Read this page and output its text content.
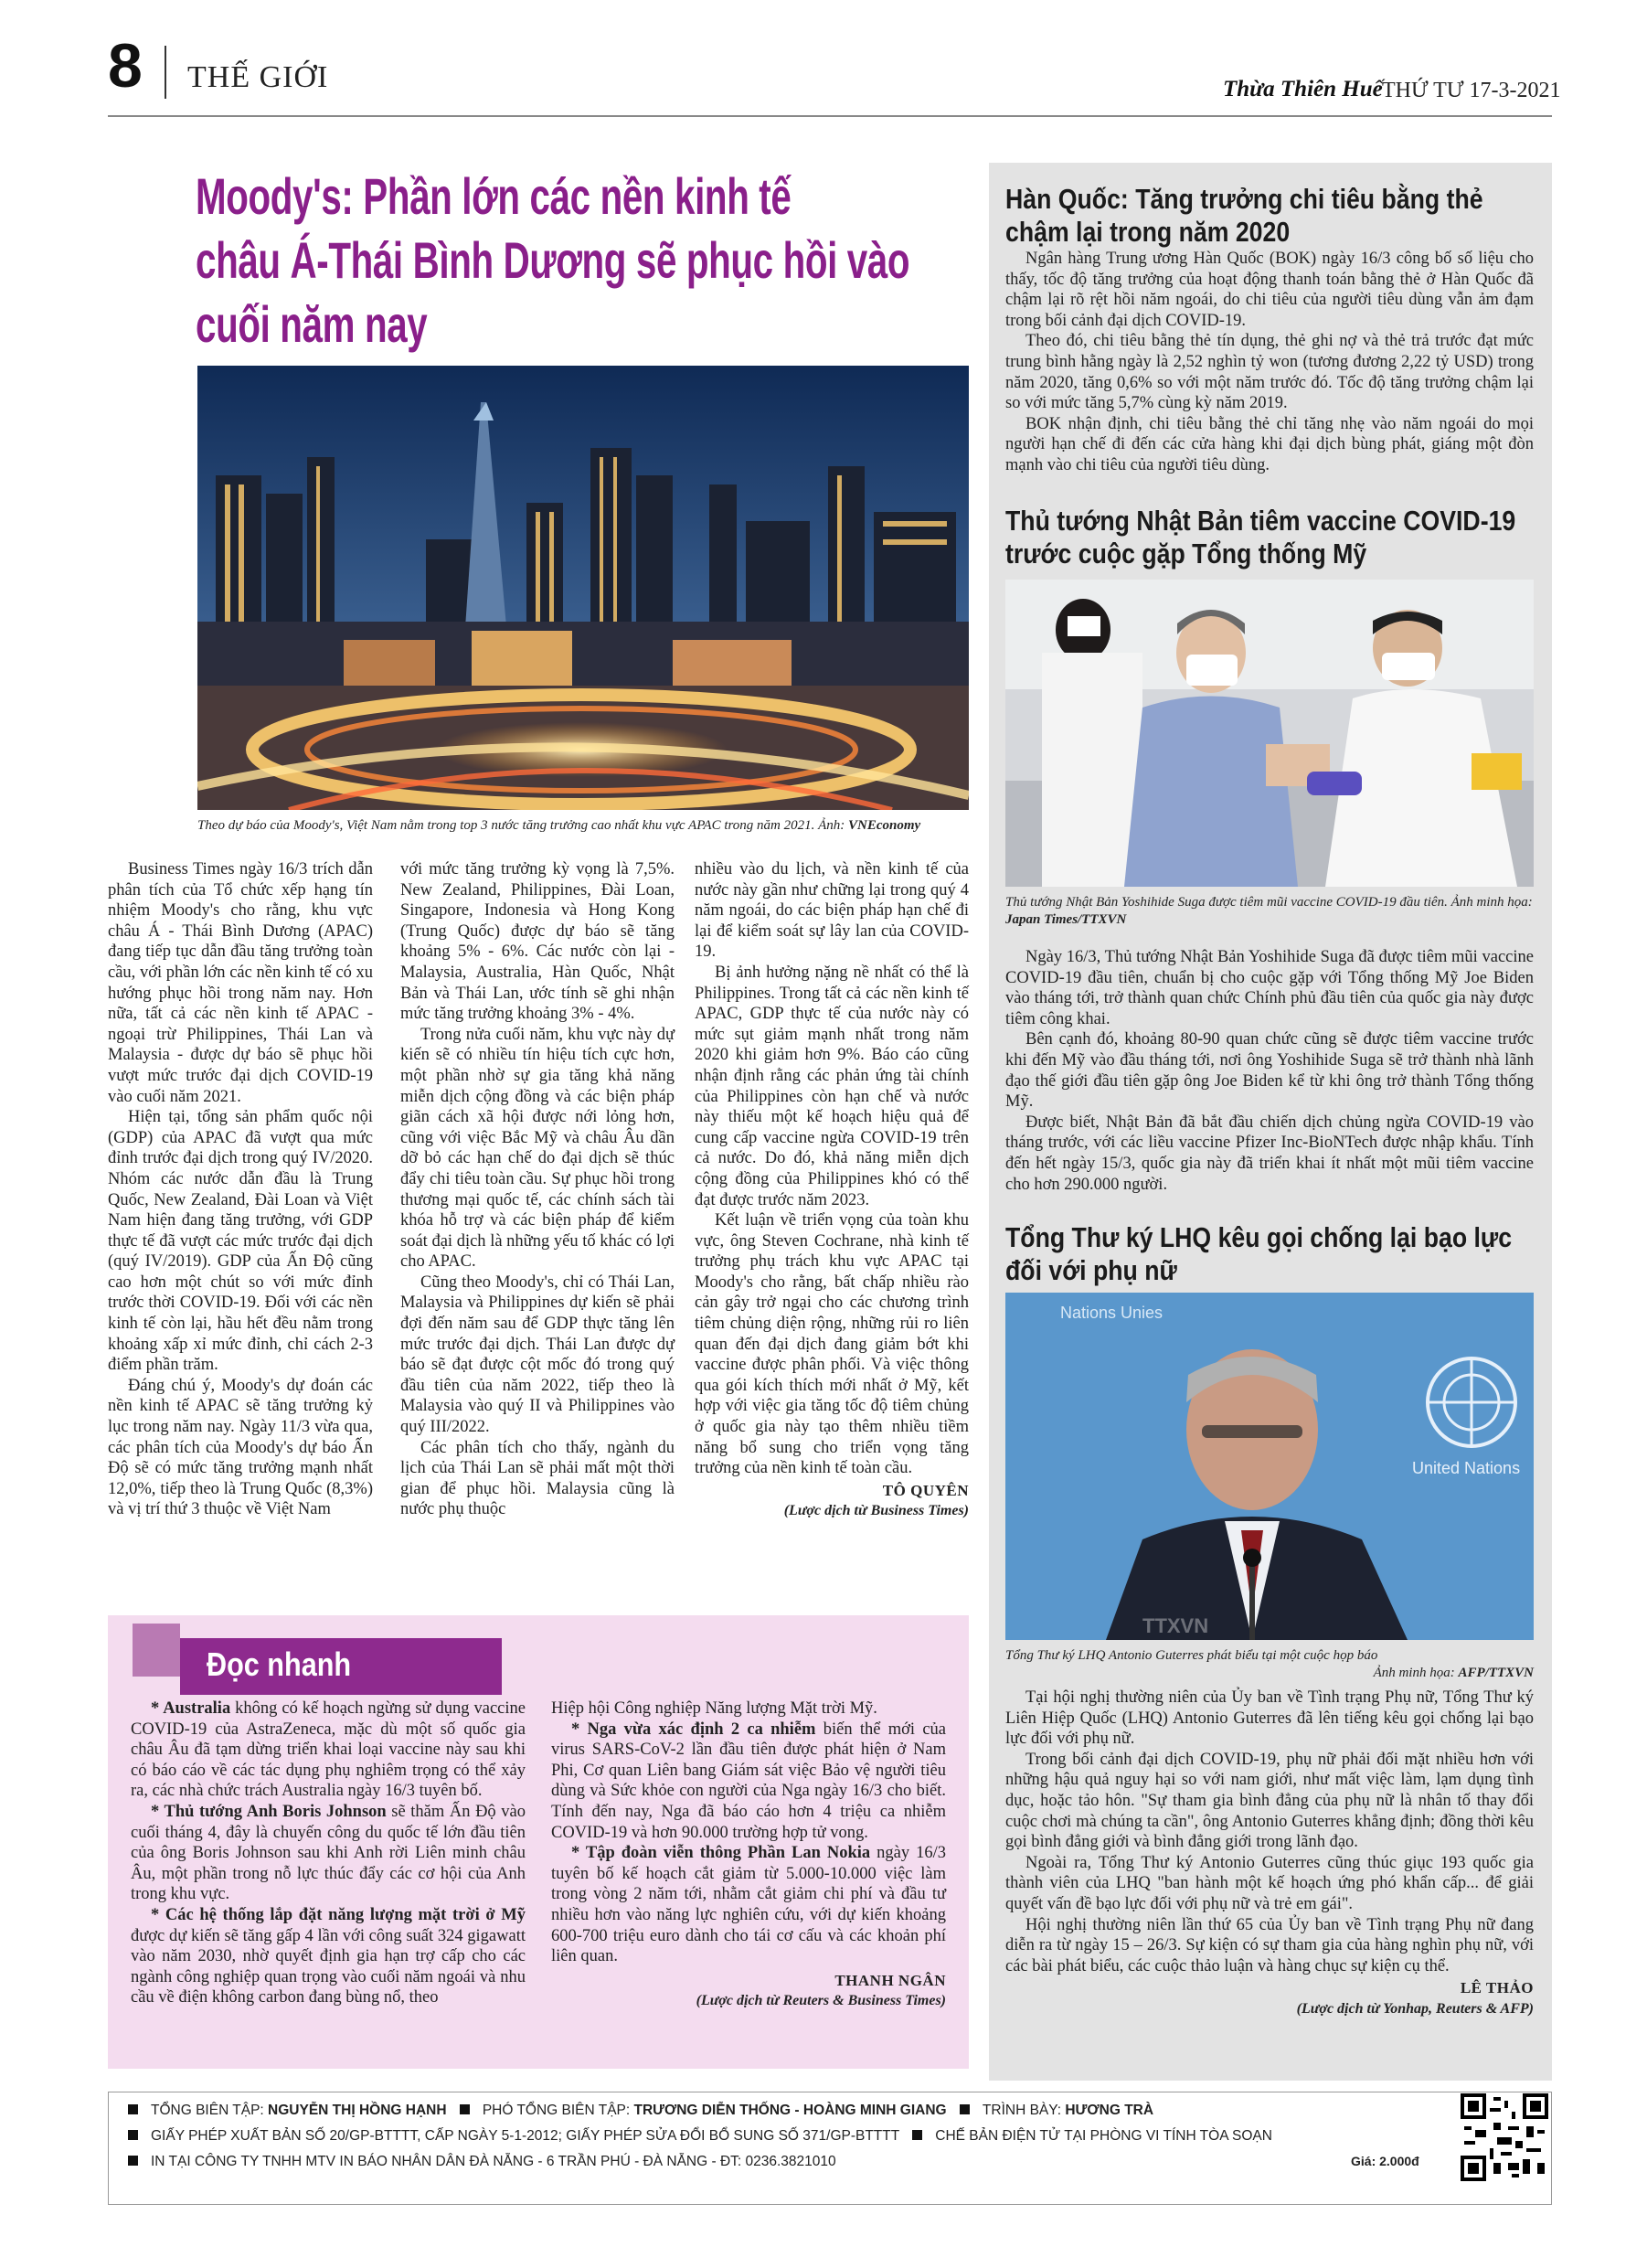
8 THẾ GIỚI	Thừa Thiên Huế THỨ TƯ 17-3-2021
Moody's: Phần lớn các nền kinh tế
châu Á-Thái Bình Dương sẽ phục hồi vào cuối năm nay
Theo dự báo của Moody's, Việt Nam nằm trong top 3 nước tăng trưởng cao nhất khu vực APAC trong năm 2021. Ảnh: VNEconomy

Business Times ngày 16/3 trích dẫn phân tích của Tổ chức xếp hạng tín nhiệm Moody's cho rằng, khu vực châu Á - Thái Bình Dương (APAC) đang tiếp tục dẫn đầu tăng trưởng toàn cầu, với phần lớn các nền kinh tế có xu hướng phục hồi trong năm nay. Hơn nữa, tất cả các nền kinh tế APAC - ngoại trừ Philippines, Thái Lan và Malaysia - được dự báo sẽ phục hồi vượt mức trước đại dịch COVID-19 vào cuối năm 2021.

Hiện tại, tổng sản phẩm quốc nội (GDP) của APAC đã vượt qua mức đỉnh trước đại dịch trong quý IV/2020. Nhóm các nước dẫn đầu là Trung Quốc, New Zealand, Đài Loan và Việt Nam hiện đang tăng trưởng, với GDP thực tế đã vượt các mức trước đại dịch (quý IV/2019). GDP của Ấn Độ cũng cao hơn một chút so với mức đỉnh trước thời COVID-19. Đối với các nền kinh tế còn lại, hầu hết đều nằm trong khoảng xấp xỉ mức đỉnh, chỉ cách 2-3 điểm phần trăm.

Đáng chú ý, Moody's dự đoán các nền kinh tế APAC sẽ tăng trưởng kỷ lục trong năm nay. Ngày 11/3 vừa qua, các phân tích của Moody's dự báo Ấn Độ sẽ có mức tăng trưởng mạnh nhất 12,0%, tiếp theo là Trung Quốc (8,3%) và vị trí thứ 3 thuộc về Việt Nam

với mức tăng trưởng kỳ vọng là 7,5%. New Zealand, Philippines, Đài Loan, Singapore, Indonesia và Hong Kong (Trung Quốc) được dự báo sẽ tăng khoảng 5% - 6%. Các nước còn lại - Malaysia, Australia, Hàn Quốc, Nhật Bản và Thái Lan, ước tính sẽ ghi nhận mức tăng trưởng khoảng 3% - 4%.

Trong nửa cuối năm, khu vực này dự kiến sẽ có nhiều tín hiệu tích cực hơn, một phần nhờ sự gia tăng khả năng miễn dịch cộng đồng và các biện pháp giãn cách xã hội được nới lỏng hơn, cũng với việc Bắc Mỹ và châu Âu dần dỡ bỏ các hạn chế do đại dịch sẽ thúc đẩy chi tiêu toàn cầu. Sự phục hồi trong thương mại quốc tế, các chính sách tài khóa hỗ trợ và các biện pháp để kiểm soát đại dịch là những yếu tố khác có lợi cho APAC.

Cũng theo Moody's, chỉ có Thái Lan, Malaysia và Philippines dự kiến sẽ phải đợi đến năm sau để GDP thực tăng lên mức trước đại dịch. Thái Lan được dự báo sẽ đạt được cột mốc đó trong quý đầu tiên của năm 2022, tiếp theo là Malaysia vào quý II và Philippines vào quý III/2022.

Các phân tích cho thấy, ngành du lịch của Thái Lan sẽ phải mất một thời gian để phục hồi. Malaysia cũng là nước phụ thuộc

nhiều vào du lịch, và nền kinh tế của nước này gần như chững lại trong quý 4 năm ngoái, do các biện pháp hạn chế đi lại để kiểm soát sự lây lan của COVID-19.

Bị ảnh hưởng nặng nề nhất có thể là Philippines. Trong tất cả các nền kinh tế APAC, GDP thực tế của nước này có mức sụt giảm mạnh nhất trong năm 2020 khi giảm hơn 9%. Báo cáo cũng nhận định rằng các phản ứng tài chính của Philippines còn hạn chế và nước này thiếu một kế hoạch hiệu quả để cung cấp vaccine ngừa COVID-19 trên cả nước. Do đó, khả năng miễn dịch cộng đồng của Philippines khó có thể đạt được trước năm 2023.

Kết luận về triển vọng của toàn khu vực, ông Steven Cochrane, nhà kinh tế trưởng phụ trách khu vực APAC tại Moody's cho rằng, bất chấp nhiều rào cản gây trở ngại cho các chương trình tiêm chủng diện rộng, những rủi ro liên quan đến đại dịch đang giảm bớt khi vaccine được phân phối. Và việc thông qua gói kích thích mới nhất ở Mỹ, kết hợp với việc gia tăng tốc độ tiêm chủng ở quốc gia này tạo thêm nhiều tiềm năng bổ sung cho triển vọng tăng trưởng của nền kinh tế toàn cầu.

TÔ QUYÊN
(Lược dịch từ Business Times)
Đọc nhanh

* Australia không có kế hoạch ngừng sử dụng vaccine COVID-19 của AstraZeneca, mặc dù một số quốc gia châu Âu đã tạm dừng triển khai loại vaccine này sau khi có báo cáo về các tác dụng phụ nghiêm trọng có thể xảy ra, các nhà chức trách Australia ngày 16/3 tuyên bố.

* Thủ tướng Anh Boris Johnson sẽ thăm Ấn Độ vào cuối tháng 4, đây là chuyến công du quốc tế lớn đầu tiên của ông Boris Johnson sau khi Anh rời Liên minh châu Âu, một phần trong nỗ lực thúc đẩy các cơ hội của Anh trong khu vực.

* Các hệ thống lắp đặt năng lượng mặt trời ở Mỹ được dự kiến sẽ tăng gấp 4 lần với công suất 324 gigawatt vào năm 2030, nhờ quyết định gia hạn trợ cấp cho các ngành công nghiệp quan trọng vào cuối năm ngoái và nhu cầu về điện không carbon đang bùng nổ, theo

Hiệp hội Công nghiệp Năng lượng Mặt trời Mỹ.

* Nga vừa xác định 2 ca nhiễm biến thể mới của virus SARS-CoV-2 lần đầu tiên được phát hiện ở Nam Phi, Cơ quan Liên bang Giám sát việc Bảo vệ người tiêu dùng và Sức khỏe con người của Nga ngày 16/3 cho biết. Tính đến nay, Nga đã báo cáo hơn 4 triệu ca nhiễm COVID-19 và hơn 90.000 trường hợp tử vong.

* Tập đoàn viễn thông Phần Lan Nokia ngày 16/3 tuyên bố kế hoạch cắt giảm từ 5.000-10.000 việc làm trong vòng 2 năm tới, nhằm cắt giảm chi phí và đầu tư nhiều hơn vào năng lực nghiên cứu, với dự kiến khoảng 600-700 triệu euro dành cho tái cơ cấu và các khoản phí liên quan.

THANH NGÂN
(Lược dịch từ Reuters & Business Times)
Hàn Quốc: Tăng trưởng chi tiêu bằng thẻ chậm lại trong năm 2020

Ngân hàng Trung ương Hàn Quốc (BOK) ngày 16/3 công bố số liệu cho thấy, tốc độ tăng trưởng của hoạt động thanh toán bằng thẻ ở Hàn Quốc đã chậm lại rõ rệt hồi năm ngoái, do chi tiêu của người tiêu dùng vẫn ảm đạm trong bối cảnh đại dịch COVID-19.

Theo đó, chi tiêu bằng thẻ tín dụng, thẻ ghi nợ và thẻ trả trước đạt mức trung bình hằng ngày là 2,52 nghìn tỷ won (tương đương 2,22 tỷ USD) trong năm 2020, tăng 0,6% so với một năm trước đó. Tốc độ tăng trưởng chậm lại so với mức tăng 5,7% cùng kỳ năm 2019.

BOK nhận định, chi tiêu bằng thẻ chỉ tăng nhẹ vào năm ngoái do mọi người hạn chế đi đến các cửa hàng khi đại dịch bùng phát, giáng một đòn mạnh vào chi tiêu của người tiêu dùng.

Thủ tướng Nhật Bản tiêm vaccine COVID-19 trước cuộc gặp Tổng thống Mỹ
Thủ tướng Nhật Bản Yoshihide Suga được tiêm mũi vaccine COVID-19 đầu tiên. Ảnh minh họa: Japan Times/TTXVN

Ngày 16/3, Thủ tướng Nhật Bản Yoshihide Suga đã được tiêm mũi vaccine COVID-19 đầu tiên, chuẩn bị cho cuộc gặp với Tổng thống Mỹ Joe Biden vào tháng tới, trở thành quan chức Chính phủ đầu tiên của quốc gia này được tiêm công khai.

Bên cạnh đó, khoảng 80-90 quan chức cũng sẽ được tiêm vaccine trước khi đến Mỹ vào đầu tháng tới, nơi ông Yoshihide Suga sẽ trở thành nhà lãnh đạo thế giới đầu tiên gặp ông Joe Biden kể từ khi ông trở thành Tổng thống Mỹ.

Được biết, Nhật Bản đã bắt đầu chiến dịch chủng ngừa COVID-19 vào tháng trước, với các liều vaccine Pfizer Inc-BioNTech được nhập khẩu. Tính đến hết ngày 15/3, quốc gia này đã triển khai ít nhất một mũi tiêm vaccine cho hơn 290.000 người.

Tổng Thư ký LHQ kêu gọi chống lại bạo lực đối với phụ nữ
Nations Unies
United Nations
TTXVN
Tổng Thư ký LHQ Antonio Guterres phát biểu tại một cuộc họp báo
Ảnh minh họa: AFP/TTXVN

Tại hội nghị thường niên của Ủy ban về Tình trạng Phụ nữ, Tổng Thư ký Liên Hiệp Quốc (LHQ) Antonio Guterres đã lên tiếng kêu gọi chống lại bạo lực đối với phụ nữ.

Trong bối cảnh đại dịch COVID-19, phụ nữ phải đối mặt nhiều hơn với những hậu quả nguy hại so với nam giới, như mất việc làm, lạm dụng tình dục, hoặc tảo hôn. "Sự tham gia bình đẳng của phụ nữ là nhân tố thay đổi cuộc chơi mà chúng ta cần", ông Antonio Guterres khẳng định; đồng thời kêu gọi bình đẳng giới và bình đẳng giới trong lãnh đạo.

Ngoài ra, Tổng Thư ký Antonio Guterres cũng thúc giục 193 quốc gia thành viên của LHQ "ban hành một kế hoạch ứng phó khẩn cấp... để giải quyết vấn đề bạo lực đối với phụ nữ và trẻ em gái".

Hội nghị thường niên lần thứ 65 của Ủy ban về Tình trạng Phụ nữ đang diễn ra từ ngày 15 – 26/3. Sự kiện có sự tham gia của hàng nghìn phụ nữ, với các bài phát biểu, các cuộc thảo luận và hàng chục sự kiện cụ thể.

LÊ THẢO
(Lược dịch từ Yonhap, Reuters & AFP)
TỔNG BIÊN TẬP: NGUYỄN THỊ HỒNG HẠNH	PHÓ TỔNG BIÊN TẬP: TRƯƠNG DIỄN THỐNG - HOÀNG MINH GIANG	TRÌNH BÀY: HƯƠNG TRÀ
GIẤY PHÉP XUẤT BẢN SỐ 20/GP-BTTTT, CẤP NGÀY 5-1-2012; GIẤY PHÉP SỬA ĐỔI BỔ SUNG SỐ 371/GP-BTTTT	CHẾ BẢN ĐIỆN TỬ TẠI PHÒNG VI TÍNH TÒA SOẠN
IN TẠI CÔNG TY TNHH MTV IN BÁO NHÂN DÂN ĐÀ NẴNG - 6 TRẦN PHÚ - ĐÀ NẴNG - ĐT: 0236.3821010	Giá: 2.000đ
